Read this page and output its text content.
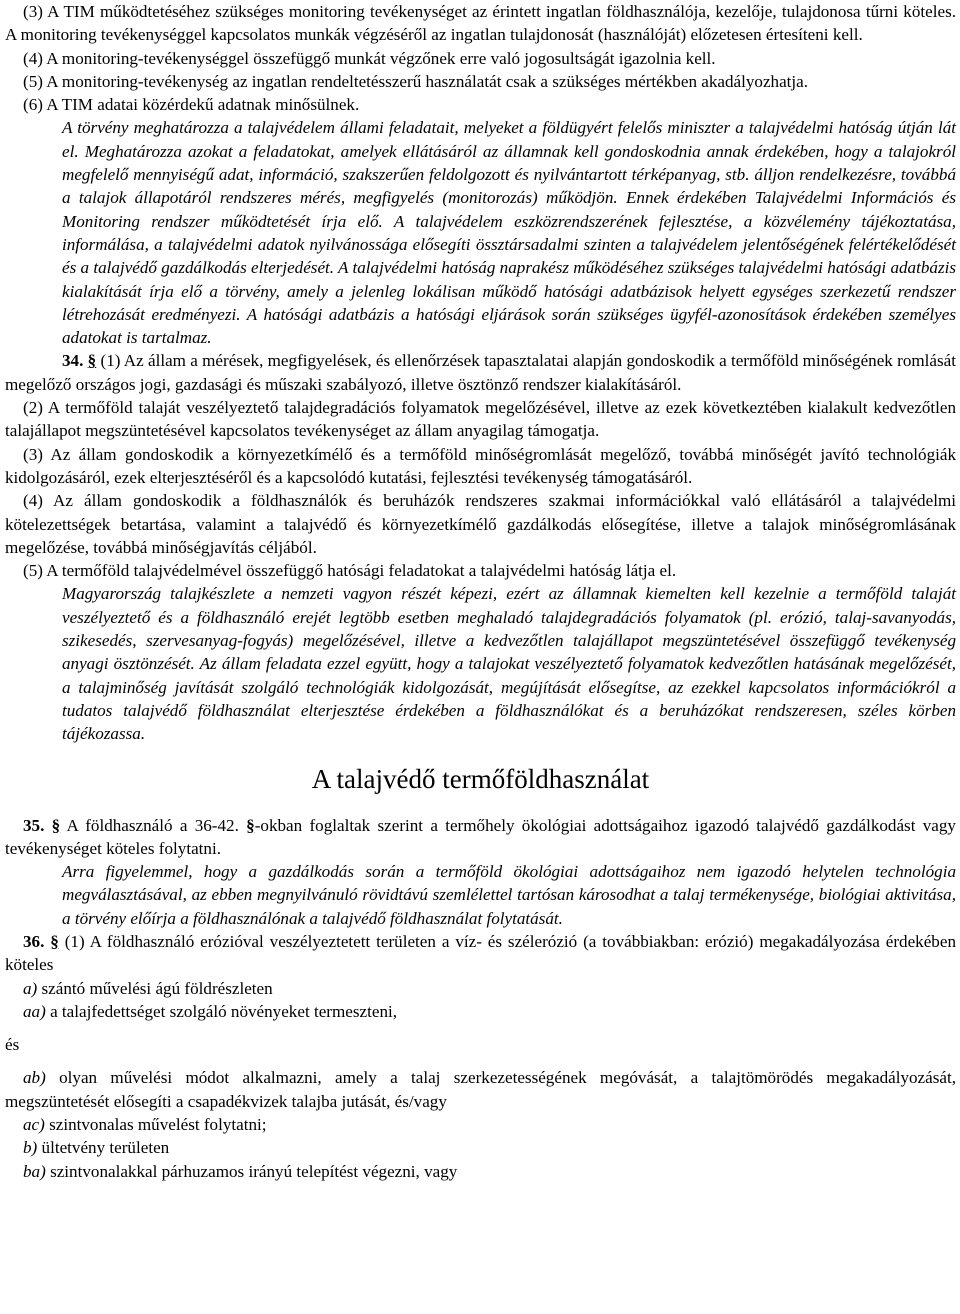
(3) A TIM működtetéséhez szükséges monitoring tevékenységet az érintett ingatlan földhasználója, kezelője, tulajdonosa tűrni köteles. A monitoring tevékenységgel kapcsolatos munkák végzéséről az ingatlan tulajdonosát (használóját) előzetesen értesíteni kell.

(4) A monitoring-tevékenységgel összefüggő munkát végzőnek erre való jogosultságát igazolnia kell.

(5) A monitoring-tevékenység az ingatlan rendeltetésszerű használatát csak a szükséges mértékben akadályozhatja.

(6) A TIM adatai közérdekű adatnak minősülnek.

A törvény meghatározza a talajvédelem állami feladatait, melyeket a földügyért felelős miniszter a talajvédelmi hatóság útján lát el. Meghatározza azokat a feladatokat, amelyek ellátásáról az államnak kell gondoskodnia annak érdekében, hogy a talajokról megfelelő mennyiségű adat, információ, szakszerűen feldolgozott és nyilvántartott térképanyag, stb. álljon rendelkezésre, továbbá a talajok állapotáról rendszeres mérés, megfigyelés (monitorozás) működjön. Ennek érdekében Talajvédelmi Információs és Monitoring rendszer működtetését írja elő. A talajvédelem eszközrendszerének fejlesztése, a közvélemény tájékoztatása, informálása, a talajvédelmi adatok nyilvánossága elősegíti össztársadalmi szinten a talajvédelem jelentőségének felértékelődését és a talajvédő gazdálkodás elterjedését. A talajvédelmi hatóság naprakész működéséhez szükséges talajvédelmi hatósági adatbázis kialakítását írja elő a törvény, amely a jelenleg lokálisan működő hatósági adatbázisok helyett egységes szerkezetű rendszer létrehozását eredményezi. A hatósági adatbázis a hatósági eljárások során szükséges ügyfél-azonosítások érdekében személyes adatokat is tartalmaz.

34. § (1) Az állam a mérések, megfigyelések, és ellenőrzések tapasztalatai alapján gondoskodik a termőföld minőségének romlását megelőző országos jogi, gazdasági és műszaki szabályozó, illetve ösztönző rendszer kialakításáról.

(2) A termőföld talaját veszélyeztető talajdegradációs folyamatok megelőzésével, illetve az ezek következtében kialakult kedvezőtlen talajállapot megszüntetésével kapcsolatos tevékenységet az állam anyagilag támogatja.

(3) Az állam gondoskodik a környezetkímélő és a termőföld minőségromlását megelőző, továbbá minőségét javító technológiák kidolgozásáról, ezek elterjesztéséről és a kapcsolódó kutatási, fejlesztési tevékenység támogatásáról.

(4) Az állam gondoskodik a földhasználók és beruházók rendszeres szakmai információkkal való ellátásáról a talajvédelmi kötelezettségek betartása, valamint a talajvédő és környezetkímélő gazdálkodás elősegítése, illetve a talajok minőségromlásának megelőzése, továbbá minőségjavítás céljából.

(5) A termőföld talajvédelmével összefüggő hatósági feladatokat a talajvédelmi hatóság látja el.

Magyarország talajkészlete a nemzeti vagyon részét képezi, ezért az államnak kiemelten kell kezelnie a termőföld talaját veszélyeztető és a földhasználó erejét legtöbb esetben meghaladó talajdegradációs folyamatok (pl. erózió, talaj-savanyodás, szikesedés, szervesanyag-fogyás) megelőzésével, illetve a kedvezőtlen talajállapot megszüntetésével összefüggő tevékenység anyagi ösztönzését. Az állam feladata ezzel együtt, hogy a talajokat veszélyeztető folyamatok kedvezőtlen hatásának megelőzését, a talajminőség javítását szolgáló technológiák kidolgozását, megújítását elősegítse, az ezekkel kapcsolatos információkról a tudatos talajvédő földhasználat elterjesztése érdekében a földhasználókat és a beruházókat rendszeresen, széles körben tájékozassa.

A talajvédő termőföldhasználat

35. § A földhasználó a 36-42. §-okban foglaltak szerint a termőhely ökológiai adottságaihoz igazodó talajvédő gazdálkodást vagy tevékenységet köteles folytatni.

Arra figyelemmel, hogy a gazdálkodás során a termőföld ökológiai adottságaihoz nem igazodó helytelen technológia megválasztásával, az ebben megnyilvánuló rövidtávú szemlélettel tartósan károsodhat a talaj termékenysége, biológiai aktivitása, a törvény előírja a földhasználónak a talajvédő földhasználat folytatását.

36. § (1) A földhasználó erózióval veszélyeztetett területen a víz- és szélerózió (a továbbiakban: erózió) megakadályozása érdekében köteles

a) szántó művelési ágú földrészleten

aa) a talajfedettséget szolgáló növényeket termeszteni,

és

ab) olyan művelési módot alkalmazni, amely a talaj szerkezetességének megóvását, a talajtömörödés megakadályozását, megszüntetését elősegíti a csapadékvizek talajba jutását, és/vagy

ac) szintvonalas művelést folytatni;

b) ültetvény területen

ba) szintvonalakkal párhuzamos irányú telepítést végezni, vagy
